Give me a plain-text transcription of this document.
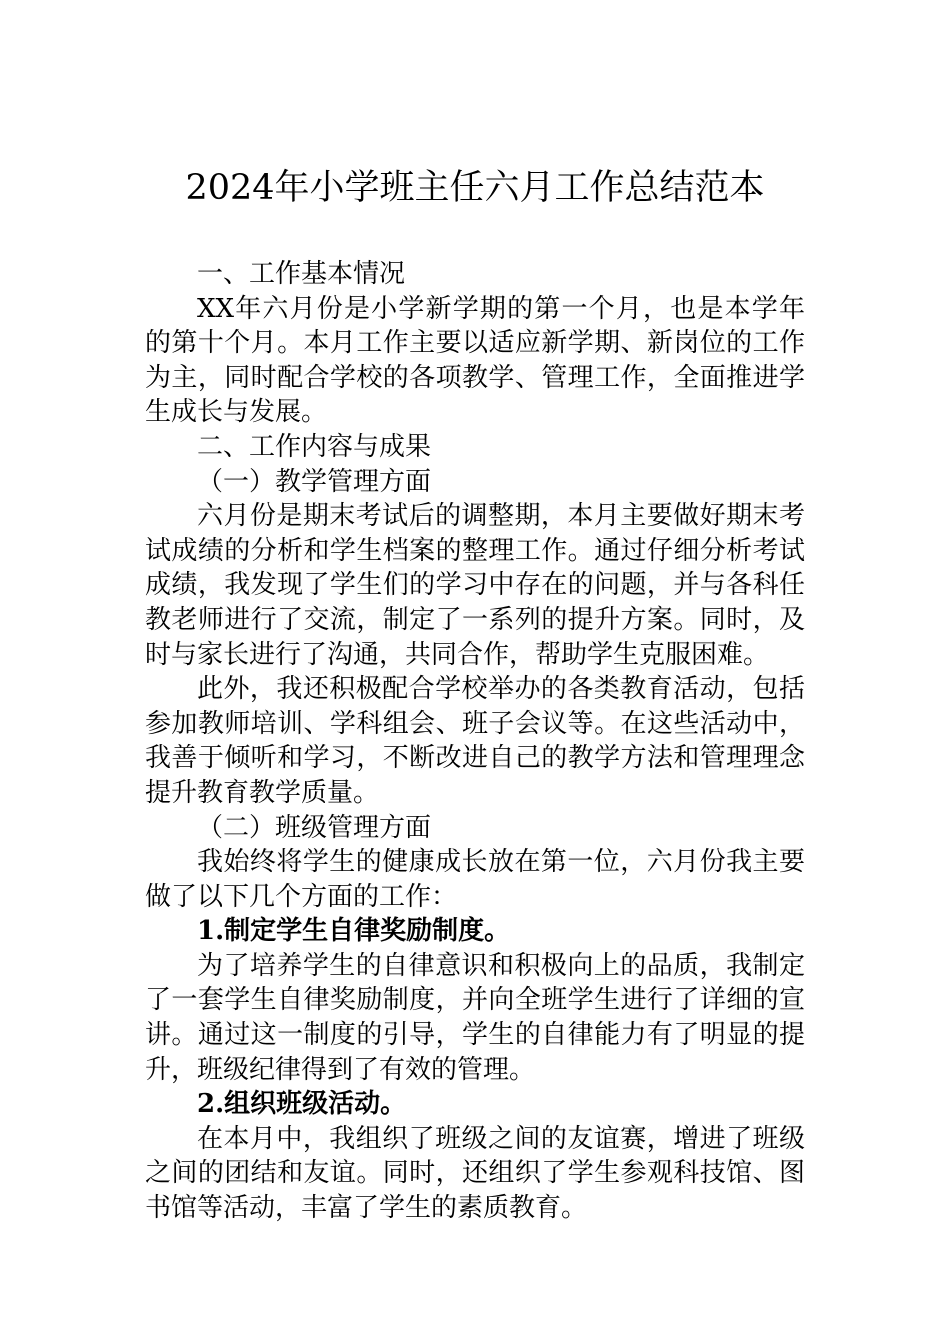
2024年小学班主任六月工作总结范本

一、工作基本情况

XX年六月份是小学新学期的第一个月，也是本学年的第十个月。本月工作主要以适应新学期、新岗位的工作为主，同时配合学校的各项教学、管理工作，全面推进学生成长与发展。

二、工作内容与成果

（一）教学管理方面

六月份是期末考试后的调整期，本月主要做好期末考试成绩的分析和学生档案的整理工作。通过仔细分析考试成绩，我发现了学生们的学习中存在的问题，并与各科任教老师进行了交流，制定了一系列的提升方案。同时，及时与家长进行了沟通，共同合作，帮助学生克服困难。

此外，我还积极配合学校举办的各类教育活动，包括参加教师培训、学科组会、班子会议等。在这些活动中，我善于倾听和学习，不断改进自己的教学方法和管理理念提升教育教学质量。

（二）班级管理方面

我始终将学生的健康成长放在第一位，六月份我主要做了以下几个方面的工作：

1.制定学生自律奖励制度。

为了培养学生的自律意识和积极向上的品质，我制定了一套学生自律奖励制度，并向全班学生进行了详细的宣讲。通过这一制度的引导，学生的自律能力有了明显的提升，班级纪律得到了有效的管理。

2.组织班级活动。

在本月中，我组织了班级之间的友谊赛，增进了班级之间的团结和友谊。同时，还组织了学生参观科技馆、图书馆等活动，丰富了学生的素质教育。
